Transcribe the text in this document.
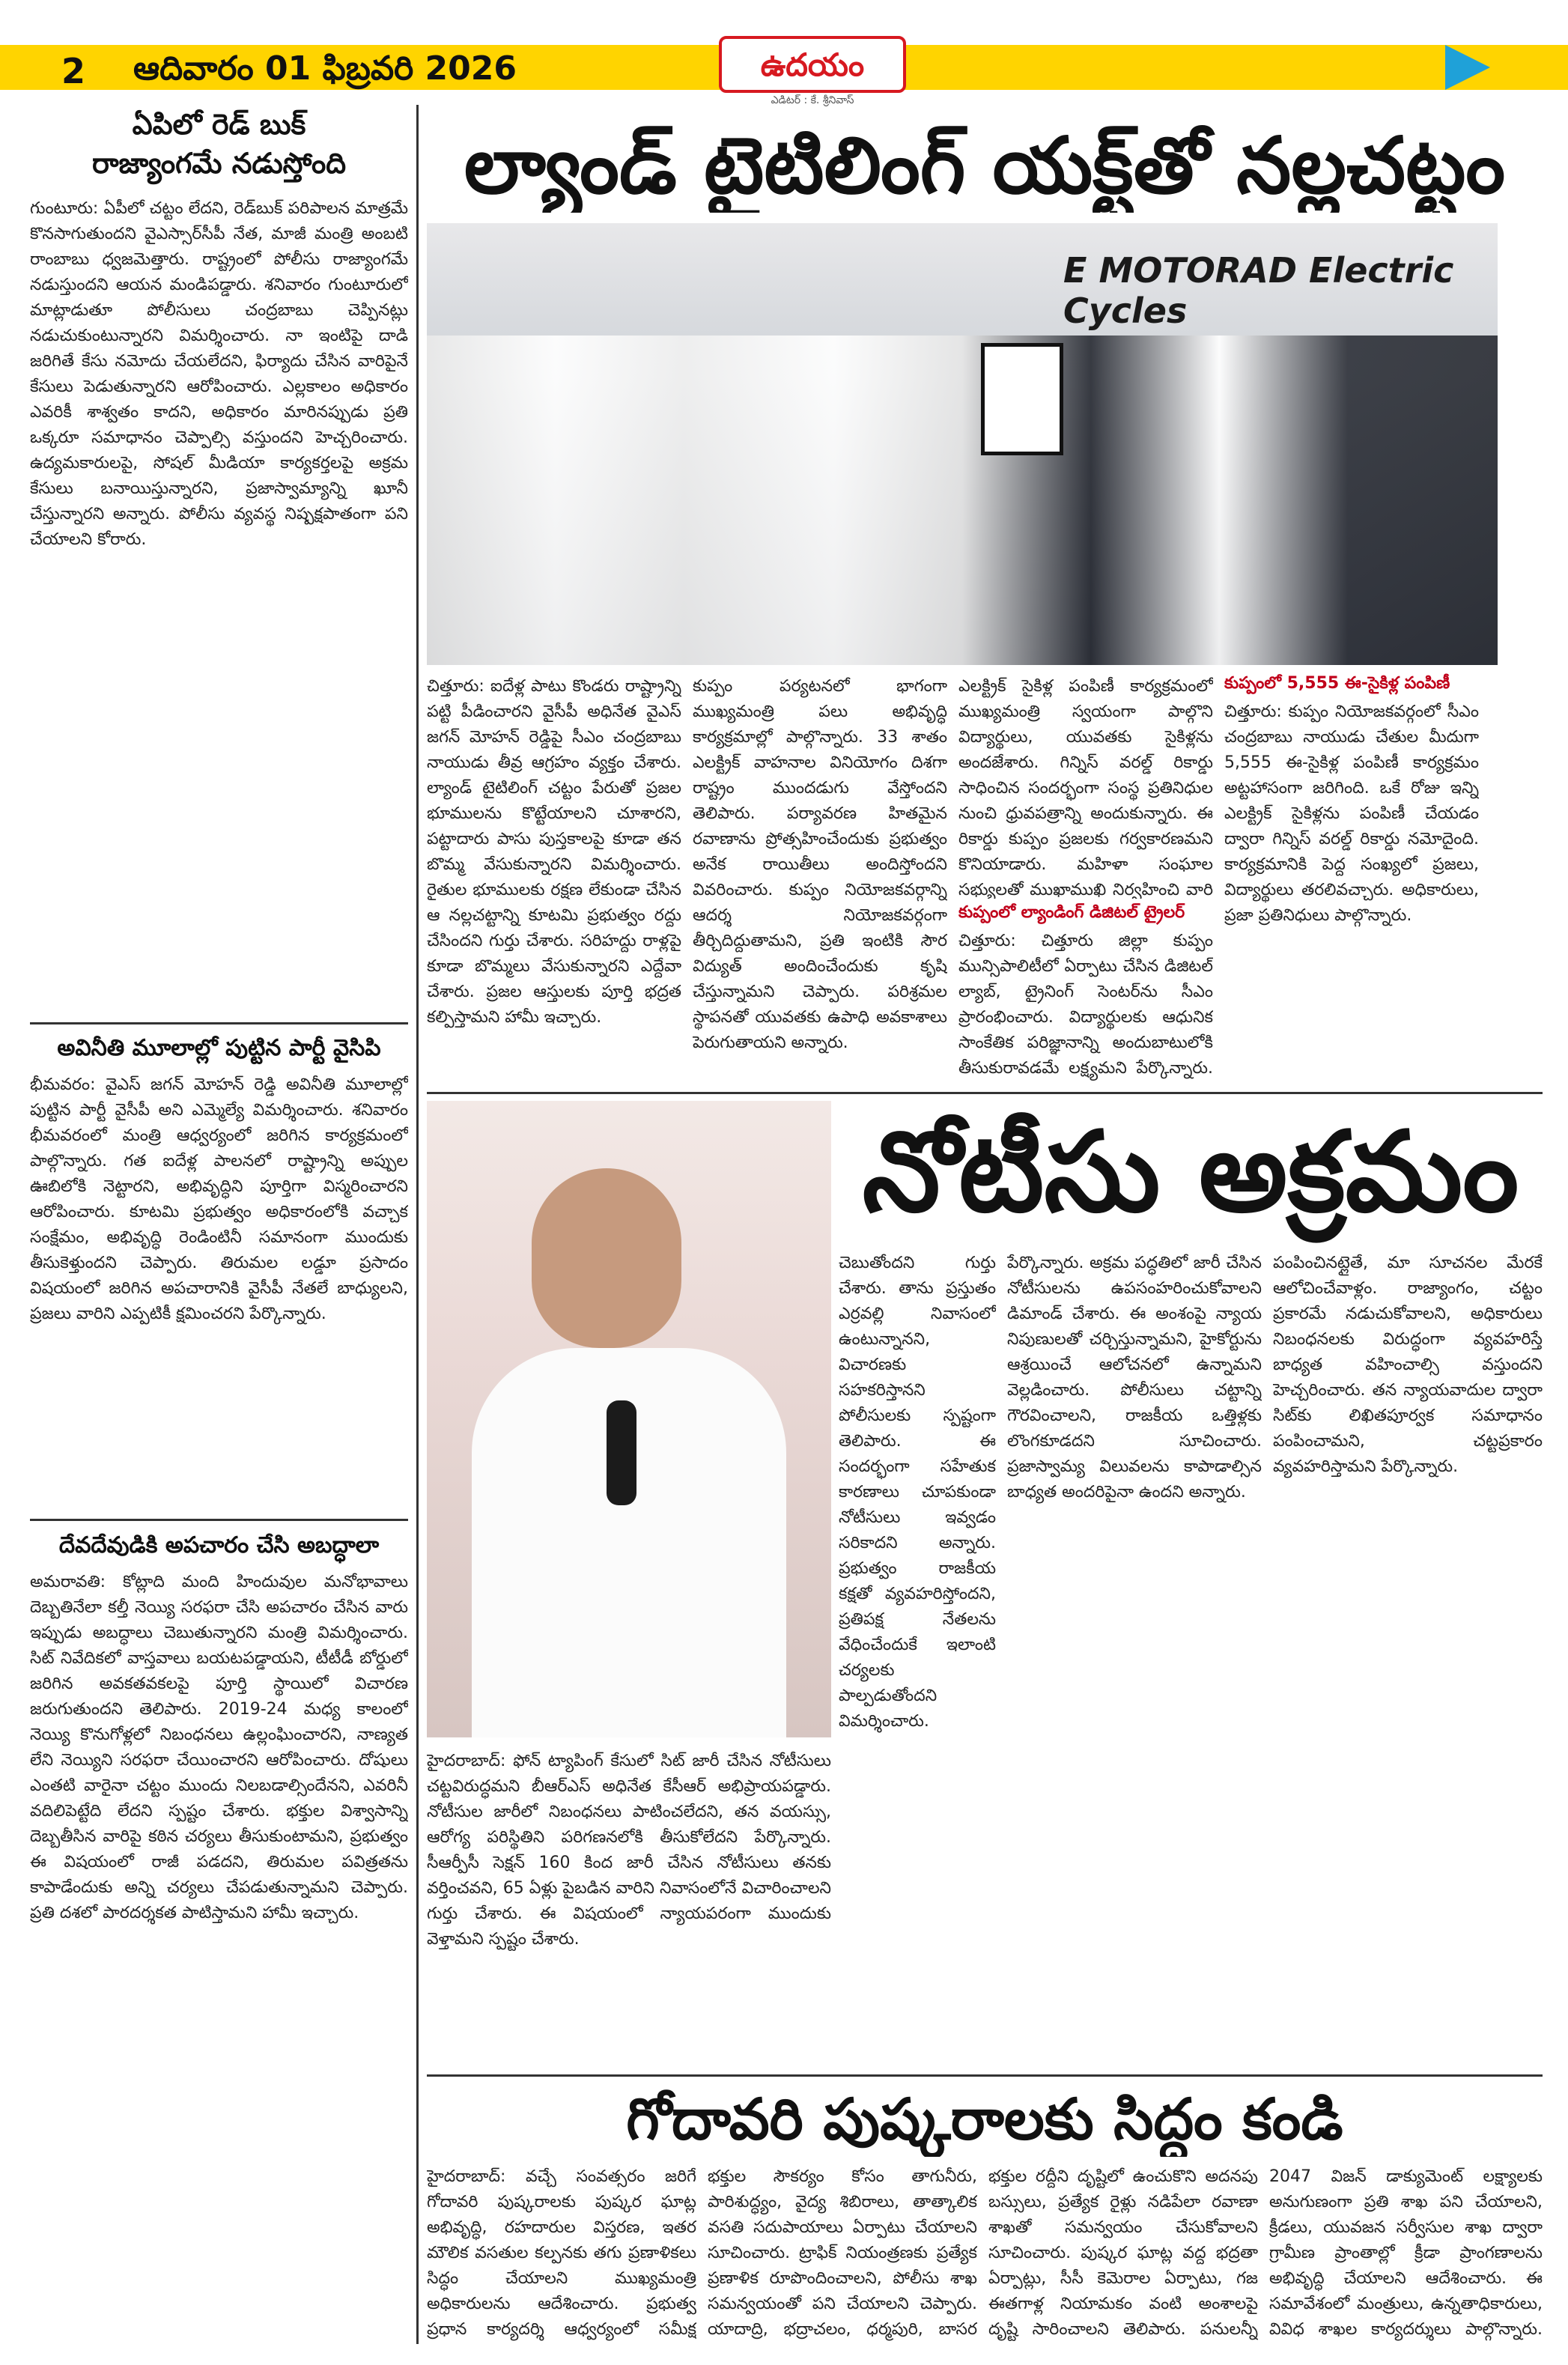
2 ఆదివారం 01 ఫిబ్రవరి 2026	ఉదయం
ఎడిటర్ : కే. శ్రీనివాస్
ఏపిలో రెడ్ బుక్
రాజ్యాంగమే నడుస్తోంది
గుంటూరు: ఏపీలో చట్టం లేదని, రెడ్‌బుక్ పరిపాలన మాత్రమే కొనసాగుతుందని వైఎస్సార్‌సీపీ నేత, మాజీ మంత్రి అంబటి రాంబాబు ధ్వజమెత్తారు. రాష్ట్రంలో పోలీసు రాజ్యాంగమే నడుస్తుందని ఆయన మండిపడ్డారు. శనివారం గుంటూరులో మాట్లాడుతూ పోలీసులు చంద్రబాబు చెప్పినట్లు నడుచుకుంటున్నారని విమర్శించారు. నా ఇంటిపై దాడి జరిగితే కేసు నమోదు చేయలేదని, ఫిర్యాదు చేసిన వారిపైనే కేసులు పెడుతున్నారని ఆరోపించారు. ఎల్లకాలం అధికారం ఎవరికీ శాశ్వతం కాదని, అధికారం మారినప్పుడు ప్రతి ఒక్కరూ సమాధానం చెప్పాల్సి వస్తుందని హెచ్చరించారు. ఉద్యమకారులపై, సోషల్ మీడియా కార్యకర్తలపై అక్రమ కేసులు బనాయిస్తున్నారని, ప్రజాస్వామ్యాన్ని ఖూనీ చేస్తున్నారని అన్నారు. పోలీసు వ్యవస్థ నిష్పక్షపాతంగా పని చేయాలని కోరారు.
అవినీతి మూలాల్లో పుట్టిన పార్టీ వైసిపి
భీమవరం: వైఎస్ జగన్ మోహన్ రెడ్డి అవినీతి మూలాల్లో పుట్టిన పార్టీ వైసీపీ అని ఎమ్మెల్యే విమర్శించారు. శనివారం భీమవరంలో మంత్రి ఆధ్వర్యంలో జరిగిన కార్యక్రమంలో పాల్గొన్నారు. గత ఐదేళ్ల పాలనలో రాష్ట్రాన్ని అప్పుల ఊబిలోకి నెట్టారని, అభివృద్ధిని పూర్తిగా విస్మరించారని ఆరోపించారు. కూటమి ప్రభుత్వం అధికారంలోకి వచ్చాక సంక్షేమం, అభివృద్ధి రెండింటినీ సమానంగా ముందుకు తీసుకెళ్తుందని చెప్పారు. తిరుమల లడ్డూ ప్రసాదం విషయంలో జరిగిన అపచారానికి వైసీపీ నేతలే బాధ్యులని, ప్రజలు వారిని ఎప్పటికీ క్షమించరని పేర్కొన్నారు.
దేవదేవుడికి అపచారం చేసి అబద్ధాలా
అమరావతి: కోట్లాది మంది హిందువుల మనోభావాలు దెబ్బతినేలా కల్తీ నెయ్యి సరఫరా చేసి అపచారం చేసిన వారు ఇప్పుడు అబద్ధాలు చెబుతున్నారని మంత్రి విమర్శించారు. సిట్ నివేదికలో వాస్తవాలు బయటపడ్డాయని, టీటీడీ బోర్డులో జరిగిన అవకతవకలపై పూర్తి స్థాయిలో విచారణ జరుగుతుందని తెలిపారు. 2019-24 మధ్య కాలంలో నెయ్యి కొనుగోళ్లలో నిబంధనలు ఉల్లంఘించారని, నాణ్యత లేని నెయ్యిని సరఫరా చేయించారని ఆరోపించారు. దోషులు ఎంతటి వారైనా చట్టం ముందు నిలబడాల్సిందేనని, ఎవరినీ వదిలిపెట్టేది లేదని స్పష్టం చేశారు. భక్తుల విశ్వాసాన్ని దెబ్బతీసిన వారిపై కఠిన చర్యలు తీసుకుంటామని, ప్రభుత్వం ఈ విషయంలో రాజీ పడదని, తిరుమల పవిత్రతను కాపాడేందుకు అన్ని చర్యలు చేపడుతున్నామని చెప్పారు. ప్రతి దశలో పారదర్శకత పాటిస్తామని హామీ ఇచ్చారు.
ల్యాండ్ టైటిలింగ్ యక్ట్‌తో నల్లచట్టం
E MOTORAD Electric Cycles
చిత్తూరు: ఐదేళ్ల పాటు కొండరు రాష్ట్రాన్ని పట్టి పీడించారని వైసీపీ అధినేత వైఎస్ జగన్ మోహన్ రెడ్డిపై సీఎం చంద్రబాబు నాయుడు తీవ్ర ఆగ్రహం వ్యక్తం చేశారు. ల్యాండ్ టైటిలింగ్ చట్టం పేరుతో ప్రజల భూములను కొట్టేయాలని చూశారని, పట్టాదారు పాసు పుస్తకాలపై కూడా తన బొమ్మ వేసుకున్నారని విమర్శించారు. రైతుల భూములకు రక్షణ లేకుండా చేసిన ఆ నల్లచట్టాన్ని కూటమి ప్రభుత్వం రద్దు చేసిందని గుర్తు చేశారు. సరిహద్దు రాళ్లపై కూడా బొమ్మలు వేసుకున్నారని ఎద్దేవా చేశారు. ప్రజల ఆస్తులకు పూర్తి భద్రత కల్పిస్తామని హామీ ఇచ్చారు.
కుప్పం పర్యటనలో భాగంగా ముఖ్యమంత్రి పలు అభివృద్ధి కార్యక్రమాల్లో పాల్గొన్నారు. 33 శాతం ఎలక్ట్రిక్ వాహనాల వినియోగం దిశగా రాష్ట్రం ముందడుగు వేస్తోందని తెలిపారు. పర్యావరణ హితమైన రవాణాను ప్రోత్సహించేందుకు ప్రభుత్వం అనేక రాయితీలు అందిస్తోందని వివరించారు. కుప్పం నియోజకవర్గాన్ని ఆదర్శ నియోజకవర్గంగా తీర్చిదిద్దుతామని, ప్రతి ఇంటికి సౌర విద్యుత్ అందించేందుకు కృషి చేస్తున్నామని చెప్పారు. పరిశ్రమల స్థాపనతో యువతకు ఉపాధి అవకాశాలు పెరుగుతాయని అన్నారు.
ఎలక్ట్రిక్ సైకిళ్ల పంపిణీ కార్యక్రమంలో ముఖ్యమంత్రి స్వయంగా పాల్గొని విద్యార్థులు, యువతకు సైకిళ్లను అందజేశారు. గిన్నిస్ వరల్డ్ రికార్డు సాధించిన సందర్భంగా సంస్థ ప్రతినిధుల నుంచి ధ్రువపత్రాన్ని అందుకున్నారు. ఈ రికార్డు కుప్పం ప్రజలకు గర్వకారణమని కొనియాడారు. మహిళా సంఘాల సభ్యులతో ముఖాముఖి నిర్వహించి వారి
కుప్పంలో ల్యాండింగ్ డిజిటల్ ట్రైలర్
చిత్తూరు: చిత్తూరు జిల్లా కుప్పం మున్సిపాలిటీలో ఏర్పాటు చేసిన డిజిటల్ ల్యాబ్, ట్రైనింగ్ సెంటర్‌ను సీఎం ప్రారంభించారు. విద్యార్థులకు ఆధునిక సాంకేతిక పరిజ్ఞానాన్ని అందుబాటులోకి తీసుకురావడమే లక్ష్యమని పేర్కొన్నారు.
కుప్పంలో 5,555 ఈ-సైకిళ్ల పంపిణీ
చిత్తూరు: కుప్పం నియోజకవర్గంలో సీఎం చంద్రబాబు నాయుడు చేతుల మీదుగా 5,555 ఈ-సైకిళ్ల పంపిణీ కార్యక్రమం అట్టహాసంగా జరిగింది. ఒకే రోజు ఇన్ని ఎలక్ట్రిక్ సైకిళ్లను పంపిణీ చేయడం ద్వారా గిన్నిస్ వరల్డ్ రికార్డు నమోదైంది. కార్యక్రమానికి పెద్ద సంఖ్యలో ప్రజలు, విద్యార్థులు తరలివచ్చారు. అధికారులు, ప్రజా ప్రతినిధులు పాల్గొన్నారు.
నోటీసు అక్రమం
చెబుతోందని గుర్తు చేశారు. తాను ప్రస్తుతం ఎర్రవల్లి నివాసంలో ఉంటున్నానని, విచారణకు సహకరిస్తానని పోలీసులకు స్పష్టంగా తెలిపారు. ఈ సందర్భంగా సహేతుక కారణాలు చూపకుండా నోటీసులు ఇవ్వడం సరికాదని అన్నారు. ప్రభుత్వం రాజకీయ కక్షతో వ్యవహరిస్తోందని, ప్రతిపక్ష నేతలను వేధించేందుకే ఇలాంటి చర్యలకు పాల్పడుతోందని విమర్శించారు.
పేర్కొన్నారు. అక్రమ పద్ధతిలో జారీ చేసిన నోటీసులను ఉపసంహరించుకోవాలని డిమాండ్ చేశారు. ఈ అంశంపై న్యాయ నిపుణులతో చర్చిస్తున్నామని, హైకోర్టును ఆశ్రయించే ఆలోచనలో ఉన్నామని వెల్లడించారు. పోలీసులు చట్టాన్ని గౌరవించాలని, రాజకీయ ఒత్తిళ్లకు లొంగకూడదని సూచించారు. ప్రజాస్వామ్య విలువలను కాపాడాల్సిన బాధ్యత అందరిపైనా ఉందని అన్నారు.
పంపించినట్లైతే, మా సూచనల మేరకే ఆలోచించేవాళ్లం. రాజ్యాంగం, చట్టం ప్రకారమే నడుచుకోవాలని, అధికారులు నిబంధనలకు విరుద్ధంగా వ్యవహరిస్తే బాధ్యత వహించాల్సి వస్తుందని హెచ్చరించారు. తన న్యాయవాదుల ద్వారా సిట్‌కు లిఖితపూర్వక సమాధానం పంపించామని, చట్టప్రకారం వ్యవహరిస్తామని పేర్కొన్నారు.
హైదరాబాద్: ఫోన్ ట్యాపింగ్ కేసులో సిట్ జారీ చేసిన నోటీసులు చట్టవిరుద్ధమని బీఆర్‌ఎస్ అధినేత కేసీఆర్ అభిప్రాయపడ్డారు. నోటీసుల జారీలో నిబంధనలు పాటించలేదని, తన వయస్సు, ఆరోగ్య పరిస్థితిని పరిగణనలోకి తీసుకోలేదని పేర్కొన్నారు. సీఆర్పీసీ సెక్షన్ 160 కింద జారీ చేసిన నోటీసులు తనకు వర్తించవని, 65 ఏళ్లు పైబడిన వారిని నివాసంలోనే విచారించాలని గుర్తు చేశారు. ఈ విషయంలో న్యాయపరంగా ముందుకు వెళ్తామని స్పష్టం చేశారు.
గోదావరి పుష్కరాలకు సిద్ధం కండి
హైదరాబాద్: వచ్చే సంవత్సరం జరిగే గోదావరి పుష్కరాలకు పుష్కర ఘాట్ల అభివృద్ధి, రహదారుల విస్తరణ, ఇతర మౌలిక వసతుల కల్పనకు తగు ప్రణాళికలు సిద్ధం చేయాలని ముఖ్యమంత్రి అధికారులను ఆదేశించారు. ప్రభుత్వ ప్రధాన కార్యదర్శి ఆధ్వర్యంలో సమీక్ష
భక్తుల సౌకర్యం కోసం తాగునీరు, పారిశుద్ధ్యం, వైద్య శిబిరాలు, తాత్కాలిక వసతి సదుపాయాలు ఏర్పాటు చేయాలని సూచించారు. ట్రాఫిక్ నియంత్రణకు ప్రత్యేక ప్రణాళిక రూపొందించాలని, పోలీసు శాఖ సమన్వయంతో పని చేయాలని చెప్పారు. యాదాద్రి, భద్రాచలం, ధర్మపురి, బాసర
భక్తుల రద్దీని దృష్టిలో ఉంచుకొని అదనపు బస్సులు, ప్రత్యేక రైళ్లు నడిపేలా రవాణా శాఖతో సమన్వయం చేసుకోవాలని సూచించారు. పుష్కర ఘాట్ల వద్ద భద్రతా ఏర్పాట్లు, సీసీ కెమెరాల ఏర్పాటు, గజ ఈతగాళ్ల నియామకం వంటి అంశాలపై దృష్టి సారించాలని తెలిపారు. పనులన్నీ
2047 విజన్ డాక్యుమెంట్ లక్ష్యాలకు అనుగుణంగా ప్రతి శాఖ పని చేయాలని, క్రీడలు, యువజన సర్వీసుల శాఖ ద్వారా గ్రామీణ ప్రాంతాల్లో క్రీడా ప్రాంగణాలను అభివృద్ధి చేయాలని ఆదేశించారు. ఈ సమావేశంలో మంత్రులు, ఉన్నతాధికారులు, వివిధ శాఖల కార్యదర్శులు పాల్గొన్నారు.
